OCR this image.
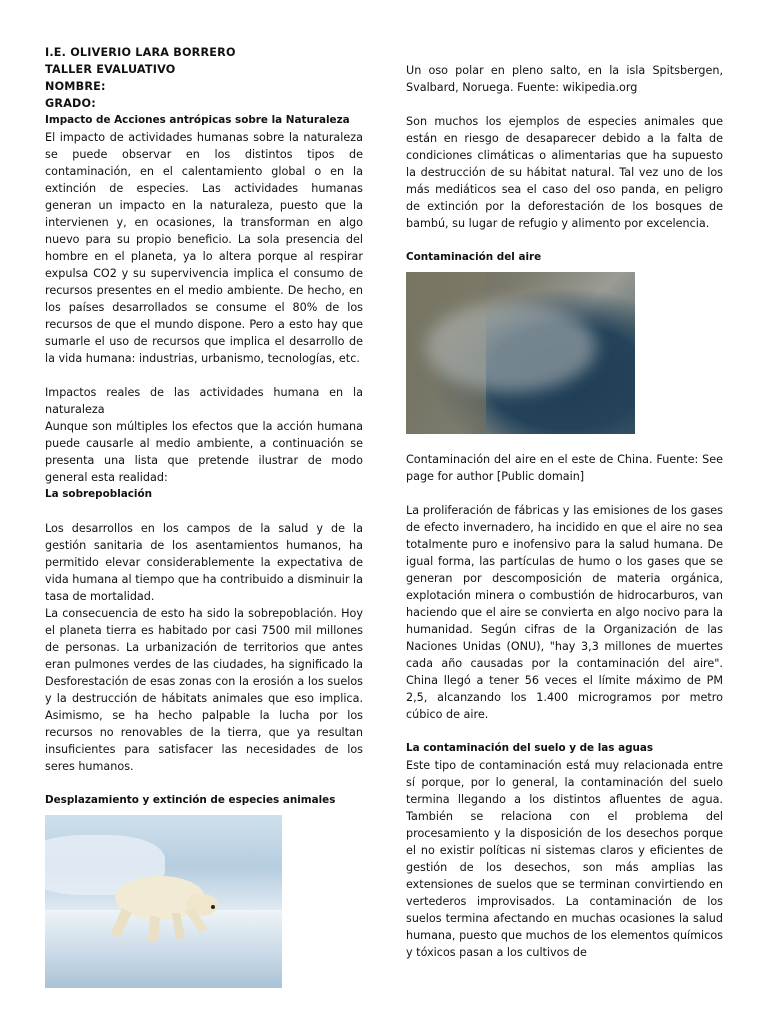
I.E. OLIVERIO LARA BORRERO

TALLER EVALUATIVO

NOMBRE:

GRADO:

Impacto de Acciones antrópicas sobre la Naturaleza

El impacto de actividades humanas sobre la naturaleza se puede observar en los distintos tipos de contaminación, en el calentamiento global o en la extinción de especies. Las actividades humanas generan un impacto en la naturaleza, puesto que la intervienen y, en ocasiones, la transforman en algo nuevo para su propio beneficio. La sola presencia del hombre en el planeta, ya lo altera porque al respirar expulsa CO2 y su supervivencia implica el consumo de recursos presentes en el medio ambiente. De hecho, en los países desarrollados se consume el 80% de los recursos de que el mundo dispone. Pero a esto hay que sumarle el uso de recursos que implica el desarrollo de la vida humana: industrias, urbanismo, tecnologías, etc.

Impactos reales de las actividades humana en la naturaleza

Aunque son múltiples los efectos que la acción humana puede causarle al medio ambiente, a continuación se presenta una lista que pretende ilustrar de modo general esta realidad:

La sobrepoblación

Los desarrollos en los campos de la salud y de la gestión sanitaria de los asentamientos humanos, ha permitido elevar considerablemente la expectativa de vida humana al tiempo que ha contribuido a disminuir la tasa de mortalidad.

La consecuencia de esto ha sido la sobrepoblación. Hoy el planeta tierra es habitado por casi 7500 mil millones de personas. La urbanización de territorios que antes eran pulmones verdes de las ciudades, ha significado la Desforestación de esas zonas con la erosión a los suelos y la destrucción de hábitats animales que eso implica. Asimismo, se ha hecho palpable la lucha por los recursos no renovables de la tierra, que ya resultan insuficientes para satisfacer las necesidades de los seres humanos.

Desplazamiento y extinción de especies animales

Un oso polar en pleno salto, en la isla Spitsbergen, Svalbard, Noruega. Fuente: wikipedia.org

Son muchos los ejemplos de especies animales que están en riesgo de desaparecer debido a la falta de condiciones climáticas o alimentarias que ha supuesto la destrucción de su hábitat natural. Tal vez uno de los más mediáticos sea el caso del oso panda, en peligro de extinción por la deforestación de los bosques de bambú, su lugar de refugio y alimento por excelencia.

Contaminación del aire

Contaminación del aire en el este de China. Fuente: See page for author [Public domain]

La proliferación de fábricas y las emisiones de los gases de efecto invernadero, ha incidido en que el aire no sea totalmente puro e inofensivo para la salud humana. De igual forma, las partículas de humo o los gases que se generan por descomposición de materia orgánica, explotación minera o combustión de hidrocarburos, van haciendo que el aire se convierta en algo nocivo para la humanidad. Según cifras de la Organización de las Naciones Unidas (ONU), "hay 3,3 millones de muertes cada año causadas por la contaminación del aire". China llegó a tener 56 veces el límite máximo de PM 2,5, alcanzando los 1.400 microgramos por metro cúbico de aire.

La contaminación del suelo y de las aguas

Este tipo de contaminación está muy relacionada entre sí porque, por lo general, la contaminación del suelo termina llegando a los distintos afluentes de agua. También se relaciona con el problema del procesamiento y la disposición de los desechos porque el no existir políticas ni sistemas claros y eficientes de gestión de los desechos, son más amplias las extensiones de suelos que se terminan convirtiendo en vertederos improvisados. La contaminación de los suelos termina afectando en muchas ocasiones la salud humana, puesto que muchos de los elementos químicos y tóxicos pasan a los cultivos de
